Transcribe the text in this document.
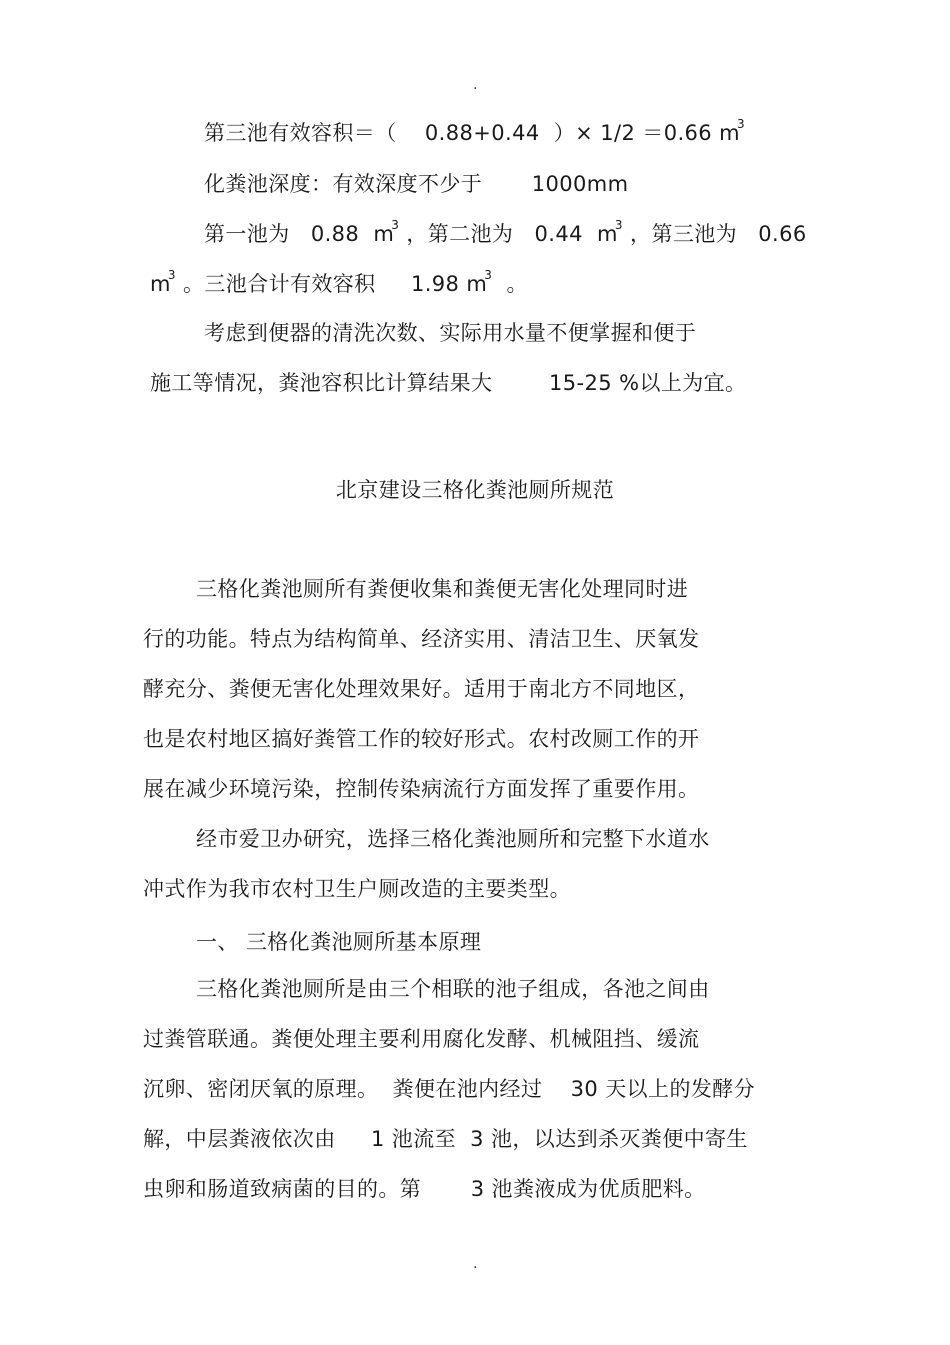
.
第三池有效容积＝（    0.88+0.44  ）× 1/2 ＝0.66 $m^3$
化粪池深度：有效深度不少于       1000mm
第一池为   0.88  $m^3$ ，第二池为   0.44  $m^3$ ，第三池为   0.66
$m^3$ 。三池合计有效容积     1.98 $m^3$  。
考虑到便器的清洗次数、实际用水量不便掌握和便于
施工等情况，粪池容积比计算结果大        15-25 %以上为宜。
北京建设三格化粪池厕所规范
三格化粪池厕所有粪便收集和粪便无害化处理同时进
行的功能。特点为结构简单、经济实用、清洁卫生、厌氧发
酵充分、粪便无害化处理效果好。适用于南北方不同地区，
也是农村地区搞好粪管工作的较好形式。农村改厕工作的开
展在减少环境污染，控制传染病流行方面发挥了重要作用。
经市爱卫办研究，选择三格化粪池厕所和完整下水道水
冲式作为我市农村卫生户厕改造的主要类型。
一、 三格化粪池厕所基本原理
三格化粪池厕所是由三个相联的池子组成，各池之间由
过粪管联通。粪便处理主要利用腐化发酵、机械阻挡、缓流
沉卵、密闭厌氧的原理。  粪便在池内经过    30 天以上的发酵分
解，中层粪液依次由     1 池流至  3 池，以达到杀灭粪便中寄生
虫卵和肠道致病菌的目的。第       3 池粪液成为优质肥料。
.
